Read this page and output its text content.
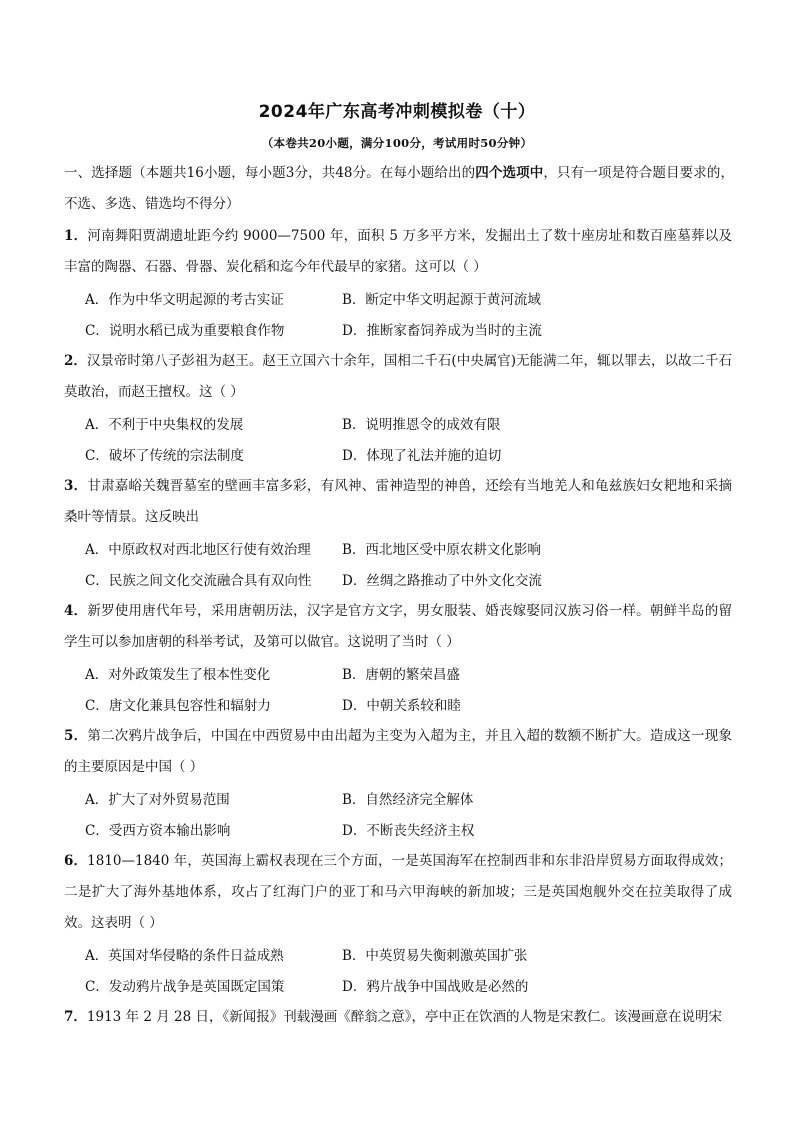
2024年广东高考冲刺模拟卷（十）
（本卷共20小题，满分100分，考试用时50分钟）

一、选择题（本题共16小题，每小题3分，共48分。在每小题给出的四个选项中，只有一项是符合题目要求的，不选、多选、错选均不得分）

1．河南舞阳贾湖遗址距今约 9000—7500 年，面积 5 万多平方米，发掘出土了数十座房址和数百座墓葬以及丰富的陶器、石器、骨器、炭化稻和迄今年代最早的家猪。这可以（ ）

A．作为中华文明起源的考古实证	B．断定中华文明起源于黄河流域
C．说明水稻已成为重要粮食作物	D．推断家畜饲养成为当时的主流

2．汉景帝时第八子彭祖为赵王。赵王立国六十余年，国相二千石(中央属官)无能满二年，辄以罪去，以故二千石莫敢治，而赵王擅权。这（ ）

A．不利于中央集权的发展	B．说明推恩令的成效有限
C．破坏了传统的宗法制度	D．体现了礼法并施的迫切

3．甘肃嘉峪关魏晋墓室的壁画丰富多彩，有风神、雷神造型的神兽，还绘有当地羌人和龟兹族妇女耙地和采摘桑叶等情景。这反映出

A．中原政权对西北地区行使有效治理 B．西北地区受中原农耕文化影响
C．民族之间文化交流融合具有双向性 D．丝绸之路推动了中外文化交流

4．新罗使用唐代年号，采用唐朝历法，汉字是官方文字，男女服装、婚丧嫁娶同汉族习俗一样。朝鲜半岛的留学生可以参加唐朝的科举考试，及第可以做官。这说明了当时（ ）

A．对外政策发生了根本性变化	B．唐朝的繁荣昌盛
C．唐文化兼具包容性和辐射力	D．中朝关系较和睦

5．第二次鸦片战争后，中国在中西贸易中由出超为主变为入超为主，并且入超的数额不断扩大。造成这一现象的主要原因是中国（ ）

A．扩大了对外贸易范围	B．自然经济完全解体
C．受西方资本输出影响	D．不断丧失经济主权

6．1810—1840 年，英国海上霸权表现在三个方面，一是英国海军在控制西非和东非沿岸贸易方面取得成效；二是扩大了海外基地体系，攻占了红海门户的亚丁和马六甲海峡的新加坡；三是英国炮舰外交在拉美取得了成效。这表明（ ）

A．英国对华侵略的条件日益成熟	B．中英贸易失衡刺激英国扩张
C．发动鸦片战争是英国既定国策	D．鸦片战争中国战败是必然的

7．1913 年 2 月 28 日，《新闻报》刊载漫画《醉翁之意》，亭中正在饮酒的人物是宋教仁。该漫画意在说明宋
